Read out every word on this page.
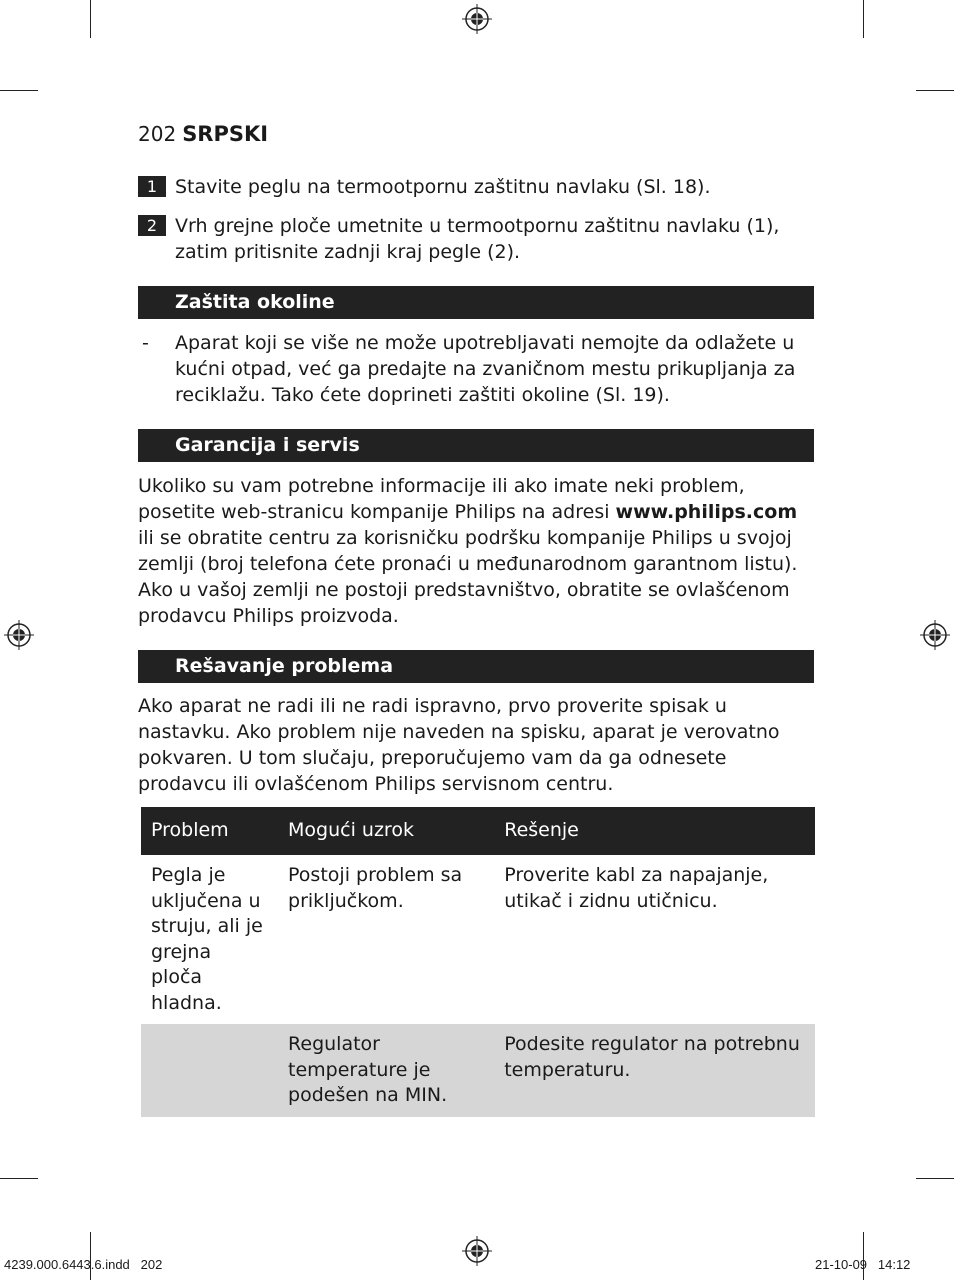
202 SRPSKI
1 Stavite peglu na termootpornu zaštitnu navlaku (Sl. 18).
2 Vrh grejne ploče umetnite u termootpornu zaštitnu navlaku (1), zatim pritisnite zadnji kraj pegle (2).
Zaštita okoline
- Aparat koji se više ne može upotrebljavati nemojte da odlažete u kućni otpad, već ga predajte na zvaničnom mestu prikupljanja za reciklažu. Tako ćete doprineti zaštiti okoline (Sl. 19).
Garancija i servis
Ukoliko su vam potrebne informacije ili ako imate neki problem, posetite web-stranicu kompanije Philips na adresi www.philips.com ili se obratite centru za korisničku podršku kompanije Philips u svojoj zemlji (broj telefona ćete pronaći u međunarodnom garantnom listu). Ako u vašoj zemlji ne postoji predstavništvo, obratite se ovlašćenom prodavcu Philips proizvoda.
Rešavanje problema
Ako aparat ne radi ili ne radi ispravno, prvo proverite spisak u nastavku. Ako problem nije naveden na spisku, aparat je verovatno pokvaren. U tom slučaju, preporučujemo vam da ga odnesete prodavcu ili ovlašćenom Philips servisnom centru.
Problem	Mogući uzrok	Rešenje
Pegla je uključena u struju, ali je grejna ploča hladna.	Postoji problem sa priključkom.	Proverite kabl za napajanje, utikač i zidnu utičnicu.
	Regulator temperature je podešen na MIN.	Podesite regulator na potrebnu temperaturu.
4239.000.6443.6.indd   202	21-10-09   14:12
